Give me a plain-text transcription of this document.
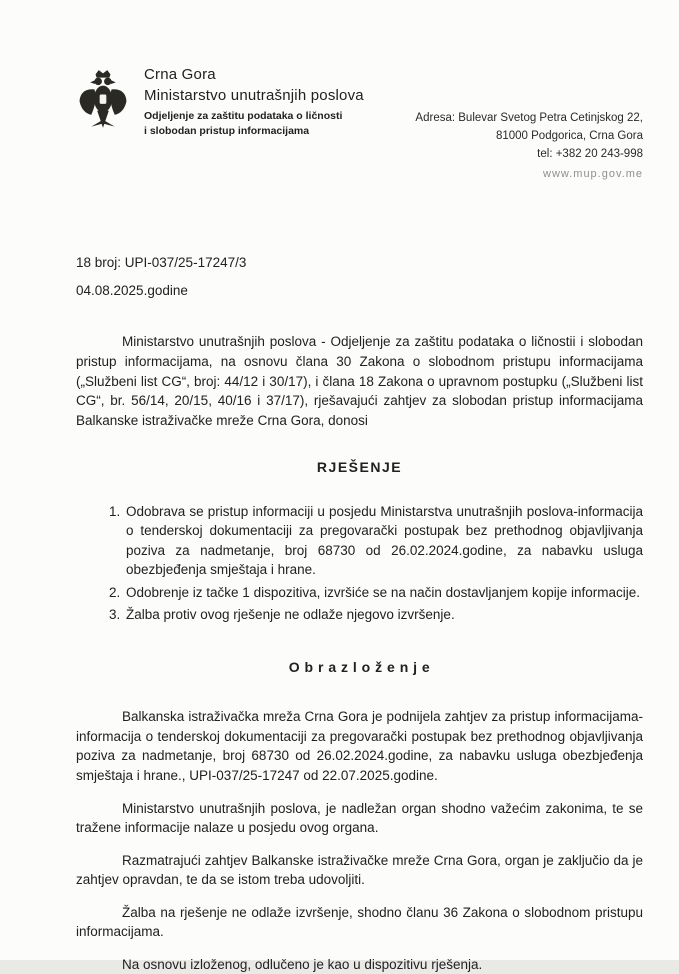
Crna Gora
Ministarstvo unutrašnjih poslova
Odjeljenje za zaštitu podataka o ličnosti
i slobodan pristup informacijama
Adresa: Bulevar Svetog Petra Cetinjskog 22,
81000 Podgorica, Crna Gora
tel: +382 20 243-998
www.mup.gov.me
18 broj: UPI-037/25-17247/3
04.08.2025.godine

Ministarstvo unutrašnjih poslova - Odjeljenje za zaštitu podataka o ličnostii i slobodan pristup informacijama, na osnovu člana 30 Zakona o slobodnom pristupu informacijama („Službeni list CG“, broj: 44/12 i 30/17), i člana 18 Zakona o upravnom postupku („Službeni list CG“, br. 56/14, 20/15, 40/16 i 37/17), rješavajući zahtjev za slobodan pristup informacijama Balkanske istraživačke mreže Crna Gora, donosi

RJEŠENJE
1. Odobrava se pristup informaciji u posjedu Ministarstva unutrašnjih poslova-informacija o tenderskoj dokumentaciji za pregovarački postupak bez prethodnog objavljivanja poziva za nadmetanje, broj 68730 od 26.02.2024.godine, za nabavku usluga obezbjeđenja smještaja i hrane.
2. Odobrenje iz tačke 1 dispozitiva, izvršiće se na način dostavljanjem kopije informacije.
3. Žalba protiv ovog rješenje ne odlaže njegovo izvršenje.
O b r a z l o ž e n j e

Balkanska istraživačka mreža Crna Gora je podnijela zahtjev za pristup informacijama-informacija o tenderskoj dokumentaciji za pregovarački postupak bez prethodnog objavljivanja poziva za nadmetanje, broj 68730 od 26.02.2024.godine, za nabavku usluga obezbjeđenja smještaja i hrane., UPI-037/25-17247 od 22.07.2025.godine.

Ministarstvo unutrašnjih poslova, je nadležan organ shodno važećim zakonima, te se tražene informacije nalaze u posjedu ovog organa.

Razmatrajući zahtjev Balkanske istraživačke mreže Crna Gora, organ je zaključio da je zahtjev opravdan, te da se istom treba udovoljiti.

Žalba na rješenje ne odlaže izvršenje, shodno članu 36 Zakona o slobodnom pristupu informacijama.

Na osnovu izloženog, odlučeno je kao u dispozitivu rješenja.
